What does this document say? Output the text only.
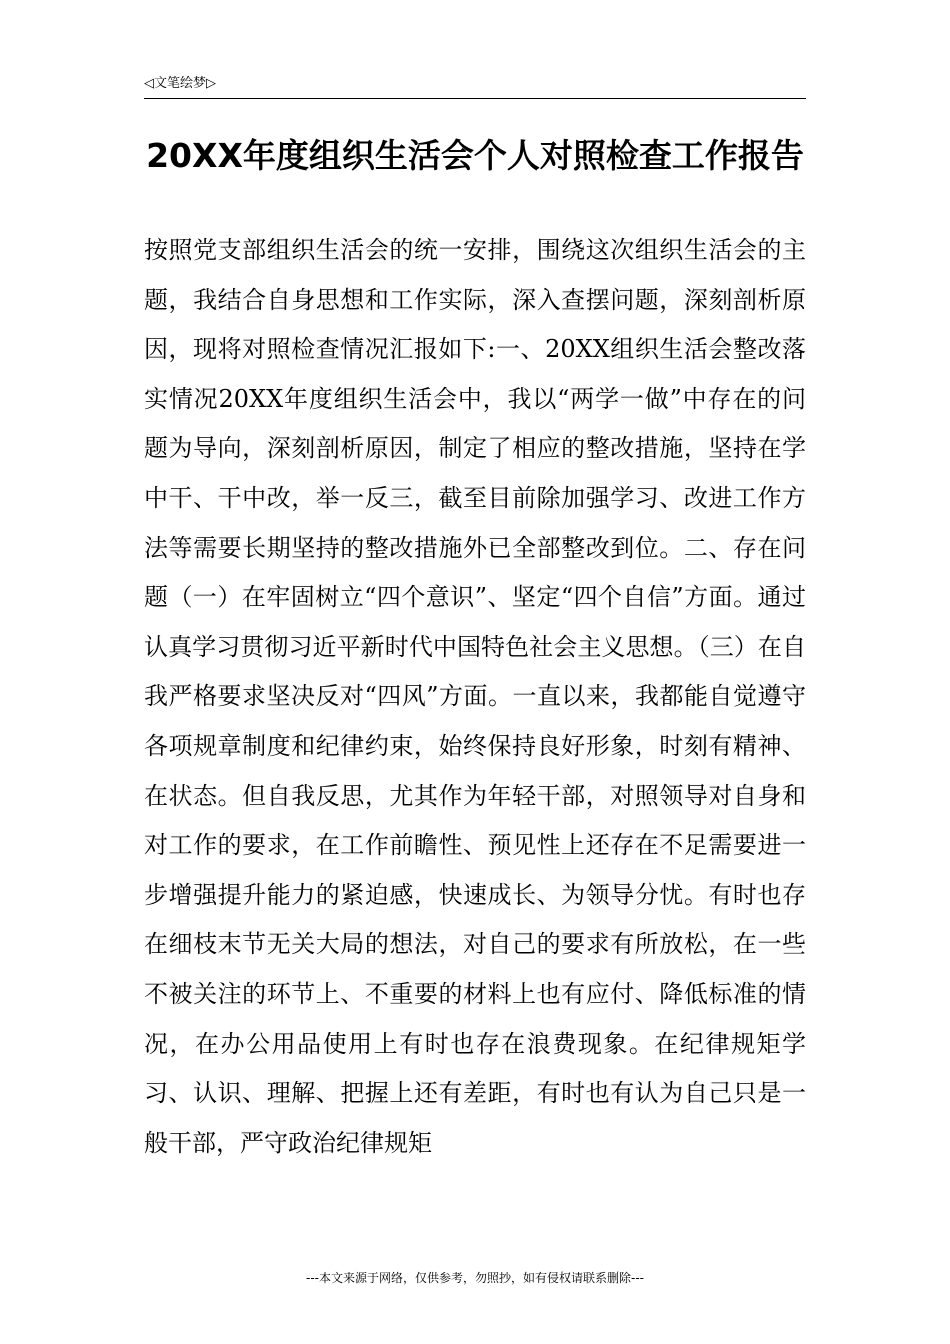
◁文笔绘梦▷
20XX年度组织生活会个人对照检查工作报告

按照党支部组织生活会的统一安排，围绕这次组织生活会的主题，我结合自身思想和工作实际，深入查摆问题，深刻剖析原因，现将对照检查情况汇报如下:一、20XX组织生活会整改落实情况20XX年度组织生活会中，我以“两学一做”中存在的问题为导向，深刻剖析原因，制定了相应的整改措施，坚持在学中干、干中改，举一反三，截至目前除加强学习、改进工作方法等需要长期坚持的整改措施外已全部整改到位。二、存在问题（一）在牢固树立“四个意识”、坚定“四个自信”方面。通过认真学习贯彻习近平新时代中国特色社会主义思想。（三）在自我严格要求坚决反对“四风”方面。一直以来，我都能自觉遵守各项规章制度和纪律约束，始终保持良好形象，时刻有精神、在状态。但自我反思，尤其作为年轻干部，对照领导对自身和对工作的要求，在工作前瞻性、预见性上还存在不足需要进一步增强提升能力的紧迫感，快速成长、为领导分忧。有时也存在细枝末节无关大局的想法，对自己的要求有所放松，在一些不被关注的环节上、不重要的材料上也有应付、降低标准的情况，在办公用品使用上有时也存在浪费现象。在纪律规矩学习、认识、理解、把握上还有差距，有时也有认为自己只是一般干部，严守政治纪律规矩

---本文来源于网络，仅供参考，勿照抄，如有侵权请联系删除---
